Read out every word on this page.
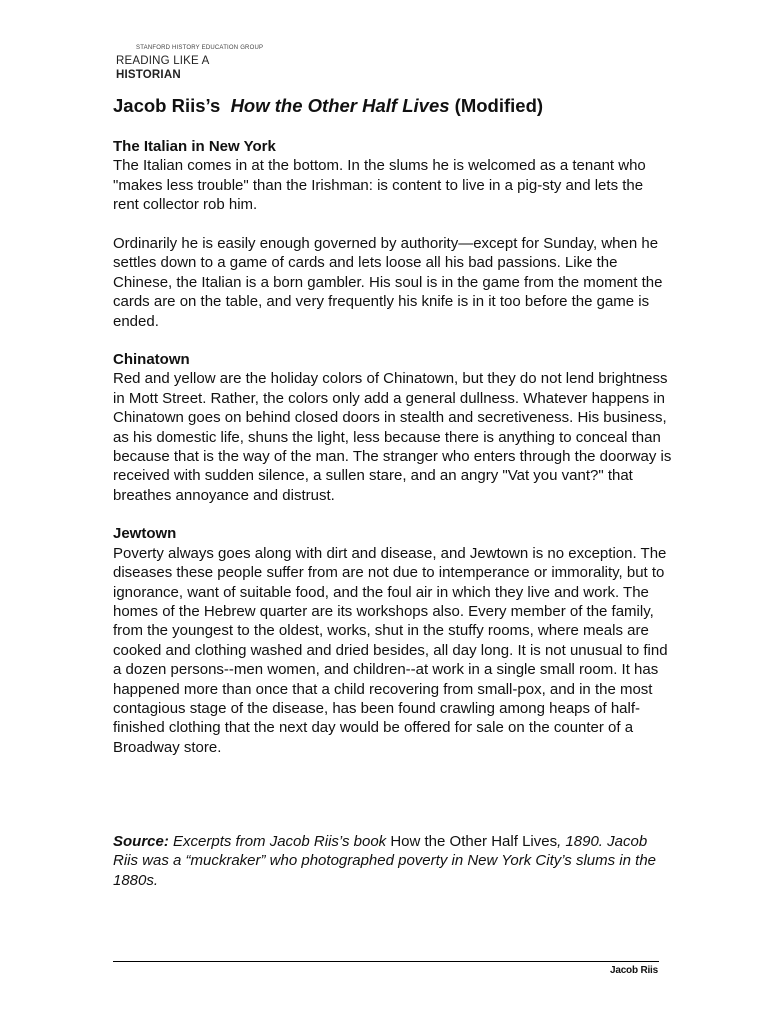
STANFORD HISTORY EDUCATION GROUP
READING LIKE A HISTORIAN
Jacob Riis’s How the Other Half Lives (Modified)
The Italian in New York

The Italian comes in at the bottom. In the slums he is welcomed as a tenant who "makes less trouble" than the Irishman: is content to live in a pig-sty and lets the rent collector rob him.

Ordinarily he is easily enough governed by authority—except for Sunday, when he settles down to a game of cards and lets loose all his bad passions. Like the Chinese, the Italian is a born gambler. His soul is in the game from the moment the cards are on the table, and very frequently his knife is in it too before the game is ended.

Chinatown

Red and yellow are the holiday colors of Chinatown, but they do not lend brightness in Mott Street. Rather, the colors only add a general dullness. Whatever happens in Chinatown goes on behind closed doors in stealth and secretiveness. His business, as his domestic life, shuns the light, less because there is anything to conceal than because that is the way of the man. The stranger who enters through the doorway is received with sudden silence, a sullen stare, and an angry "Vat you vant?" that breathes annoyance and distrust.

Jewtown

Poverty always goes along with dirt and disease, and Jewtown is no exception. The diseases these people suffer from are not due to intemperance or immorality, but to ignorance, want of suitable food, and the foul air in which they live and work. The homes of the Hebrew quarter are its workshops also. Every member of the family, from the youngest to the oldest, works, shut in the stuffy rooms, where meals are cooked and clothing washed and dried besides, all day long. It is not unusual to find a dozen persons--men women, and children--at work in a single small room. It has happened more than once that a child recovering from small-pox, and in the most contagious stage of the disease, has been found crawling among heaps of half-finished clothing that the next day would be offered for sale on the counter of a Broadway store.

Source: Excerpts from Jacob Riis’s book How the Other Half Lives, 1890. Jacob Riis was a “muckraker” who photographed poverty in New York City’s slums in the 1880s.

Jacob Riis
